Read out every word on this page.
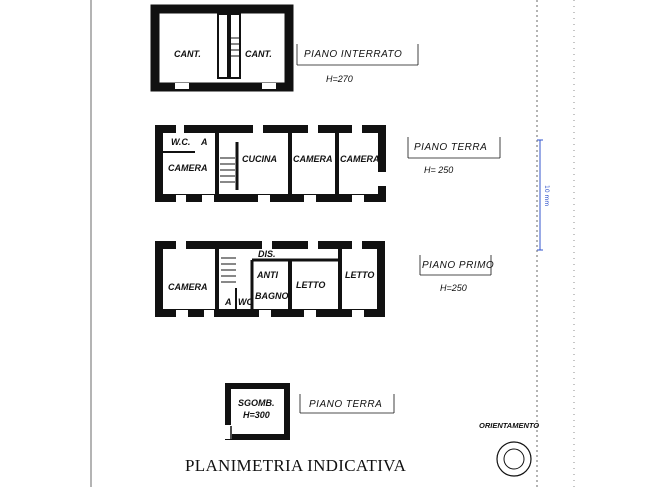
10 mm
CANT.	CANT.	PIANO INTERRATO
H=270
W.C. A
CAMERA
CUCINA CAMERA CAMERA
PIANO TERRA
H= 250
DIS.
ANTI
BAGNO
A WC
CAMERA	LETTO
LETTO
PIANO PRIMO
H=250
SGOMB.
H=300
PIANO TERRA
ORIENTAMENTO
PLANIMETRIA INDICATIVA
